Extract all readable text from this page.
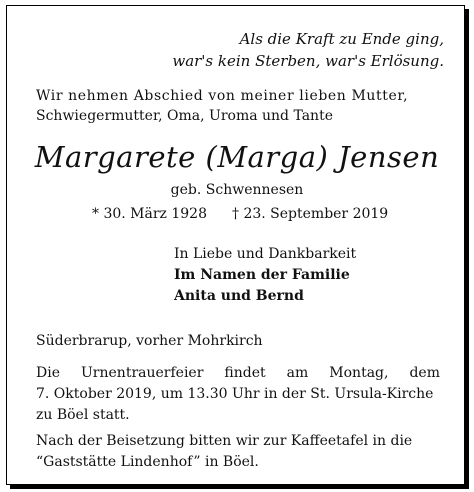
Als die Kraft zu Ende ging,
war's kein Sterben, war's Erlösung.
Wir nehmen Abschied von meiner lieben Mutter,
Schwiegermutter, Oma, Uroma und Tante
Margarete (Marga) Jensen
geb. Schwennesen
* 30. März 1928 † 23. September 2019
In Liebe und Dankbarkeit
Im Namen der Familie
Anita und Bernd
Süderbrarup, vorher Mohrkirch
Die Urnentrauerfeier findet am Montag, dem
7. Oktober 2019, um 13.30 Uhr in der St. Ursula-Kirche
zu Böel statt.
Nach der Beisetzung bitten wir zur Kaffeetafel in die
“Gaststätte Lindenhof” in Böel.
